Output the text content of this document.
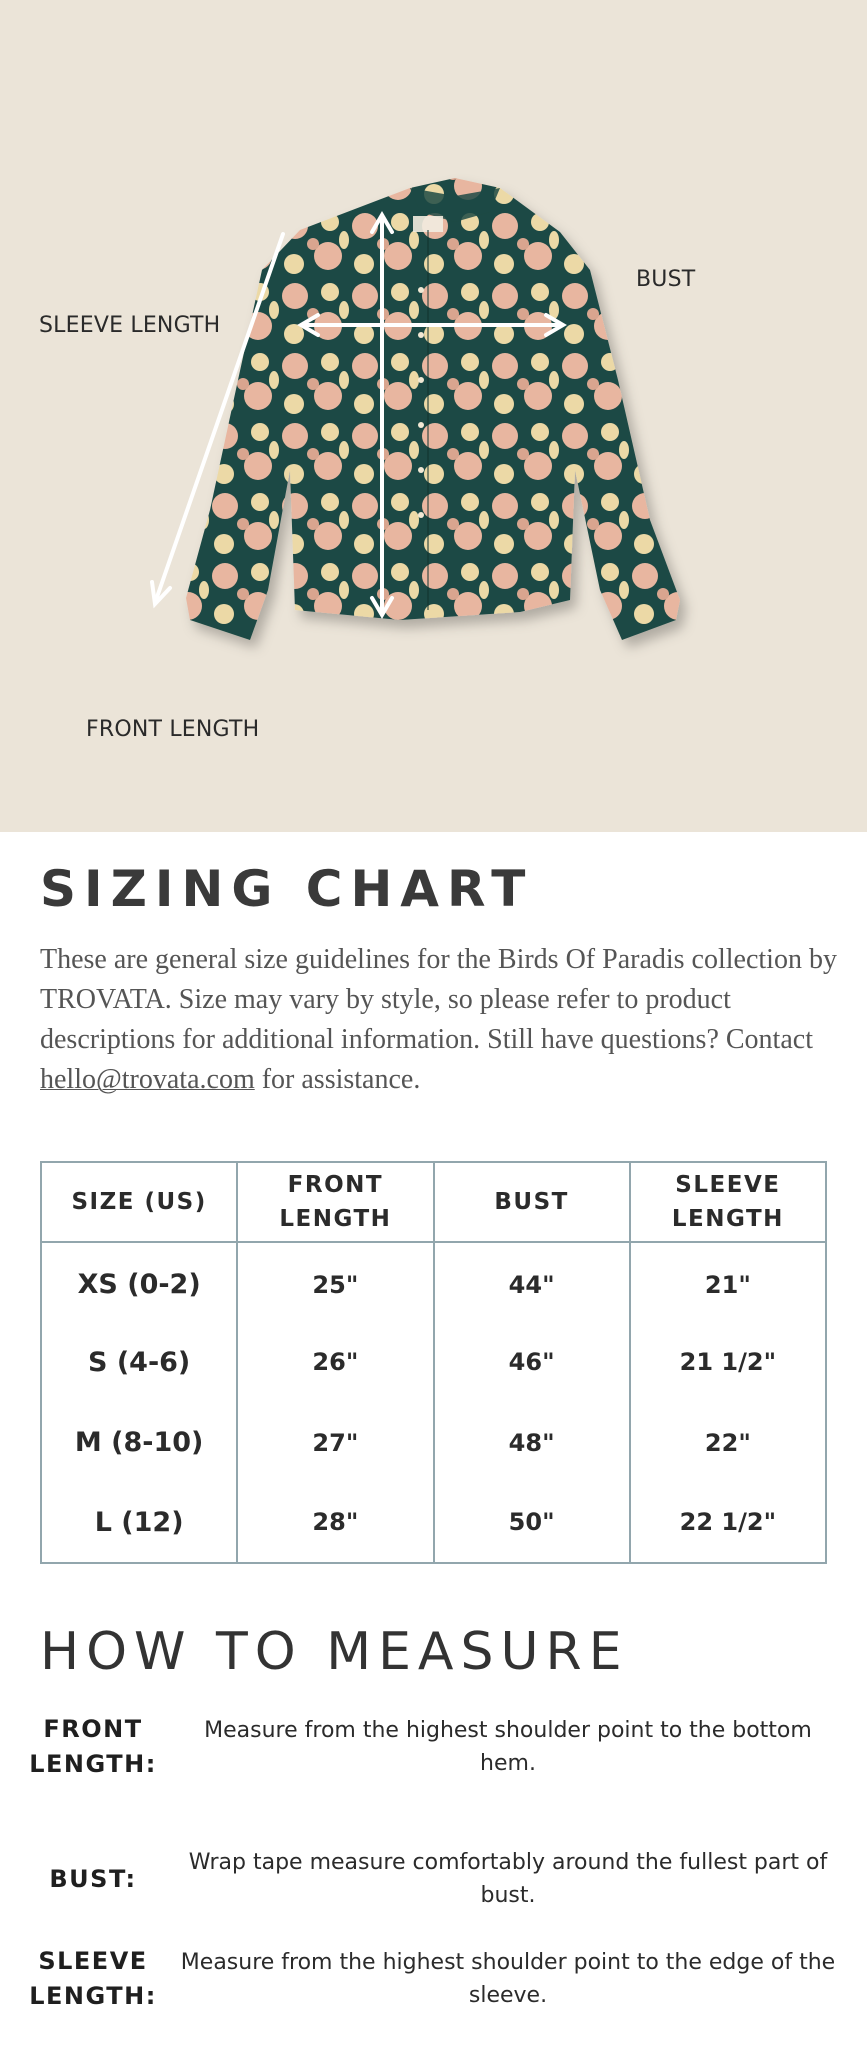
SLEEVE LENGTH
BUST
FRONT LENGTH
SIZING CHART

These are general size guidelines for the Birds Of Paradis collection by TROVATA. Size may vary by style, so please refer to product descriptions for additional information. Still have questions? Contact hello@trovata.com for assistance.

SIZE (US)	FRONT LENGTH	BUST	SLEEVE LENGTH
XS (0-2)	25"	44"	21"
S (4-6)	26"	46"	21 1/2"
M (8-10)	27"	48"	22"
L (12)	28"	50"	22 1/2"
HOW TO MEASURE
FRONT LENGTH:
Measure from the highest shoulder point to the bottom hem.
BUST:
Wrap tape measure comfortably around the fullest part of bust.
SLEEVE LENGTH:
Measure from the highest shoulder point to the edge of the sleeve.
